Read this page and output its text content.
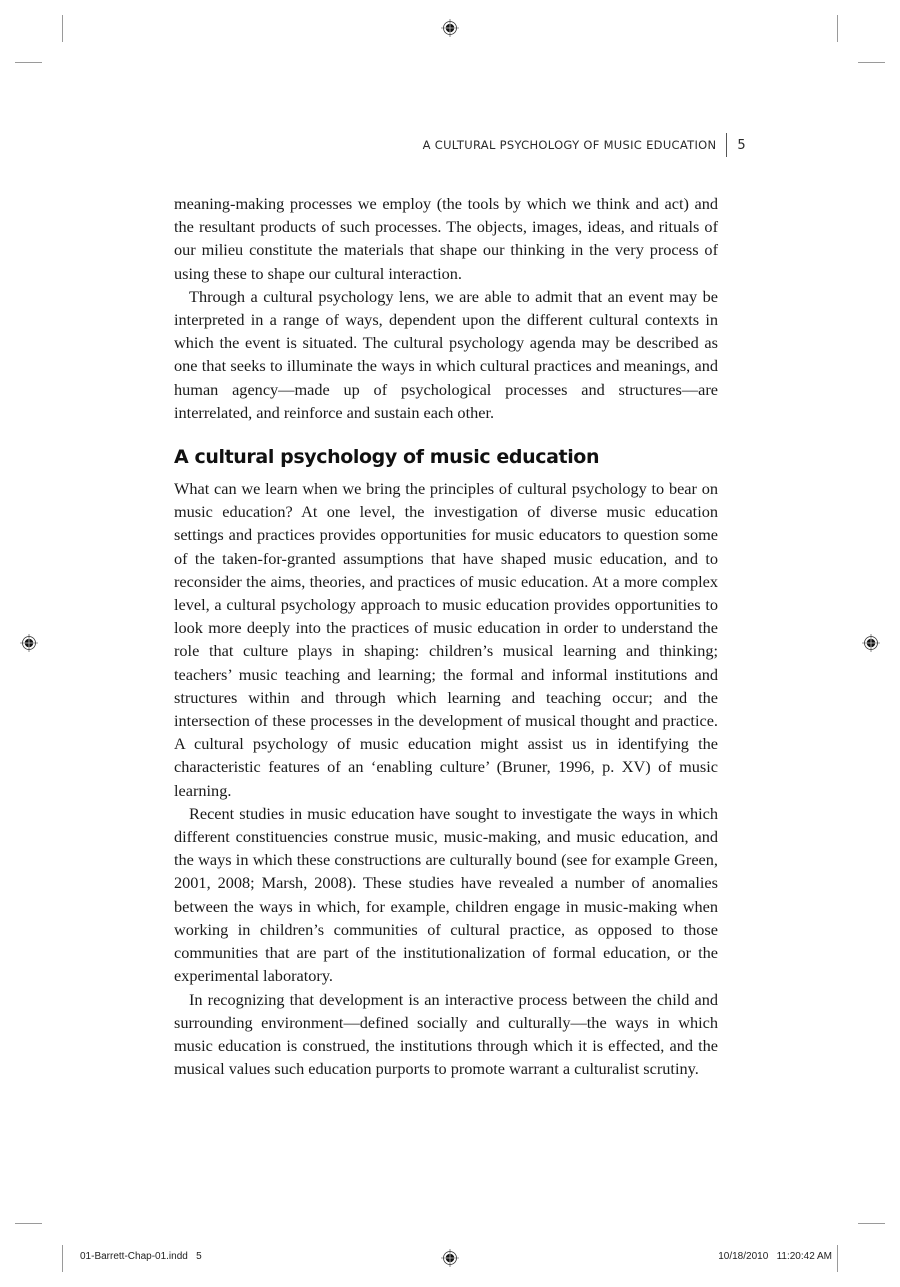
A CULTURAL PSYCHOLOGY OF MUSIC EDUCATION 5

meaning-making processes we employ (the tools by which we think and act) and the resultant products of such processes. The objects, images, ideas, and rituals of our milieu constitute the materials that shape our thinking in the very process of using these to shape our cultural interaction.

Through a cultural psychology lens, we are able to admit that an event may be interpreted in a range of ways, dependent upon the different cultural contexts in which the event is situated. The cultural psychology agenda may be described as one that seeks to illuminate the ways in which cultural practices and meanings, and human agency—made up of psychological processes and structures—are interrelated, and reinforce and sustain each other.

A cultural psychology of music education

What can we learn when we bring the principles of cultural psychology to bear on music education? At one level, the investigation of diverse music education settings and practices provides opportunities for music educators to question some of the taken-for-granted assumptions that have shaped music education, and to reconsider the aims, theories, and practices of music education. At a more complex level, a cultural psychology approach to music education provides opportunities to look more deeply into the practices of music education in order to understand the role that culture plays in shaping: children’s musical learning and thinking; teachers’ music teaching and learning; the formal and informal institutions and structures within and through which learning and teaching occur; and the intersection of these processes in the development of musical thought and practice. A cultural psychology of music education might assist us in identifying the characteristic features of an ‘enabling culture’ (Bruner, 1996, p. XV) of music learning.

Recent studies in music education have sought to investigate the ways in which different constituencies construe music, music-making, and music education, and the ways in which these constructions are culturally bound (see for example Green, 2001, 2008; Marsh, 2008). These studies have revealed a number of anomalies between the ways in which, for example, children engage in music-making when working in children’s communities of cultural practice, as opposed to those communities that are part of the institutionalization of formal education, or the experimental laboratory.

In recognizing that development is an interactive process between the child and surrounding environment—defined socially and culturally—the ways in which music education is construed, the institutions through which it is effected, and the musical values such education purports to promote warrant a culturalist scrutiny.

01-Barrett-Chap-01.indd   5	10/18/2010   11:20:42 AM
